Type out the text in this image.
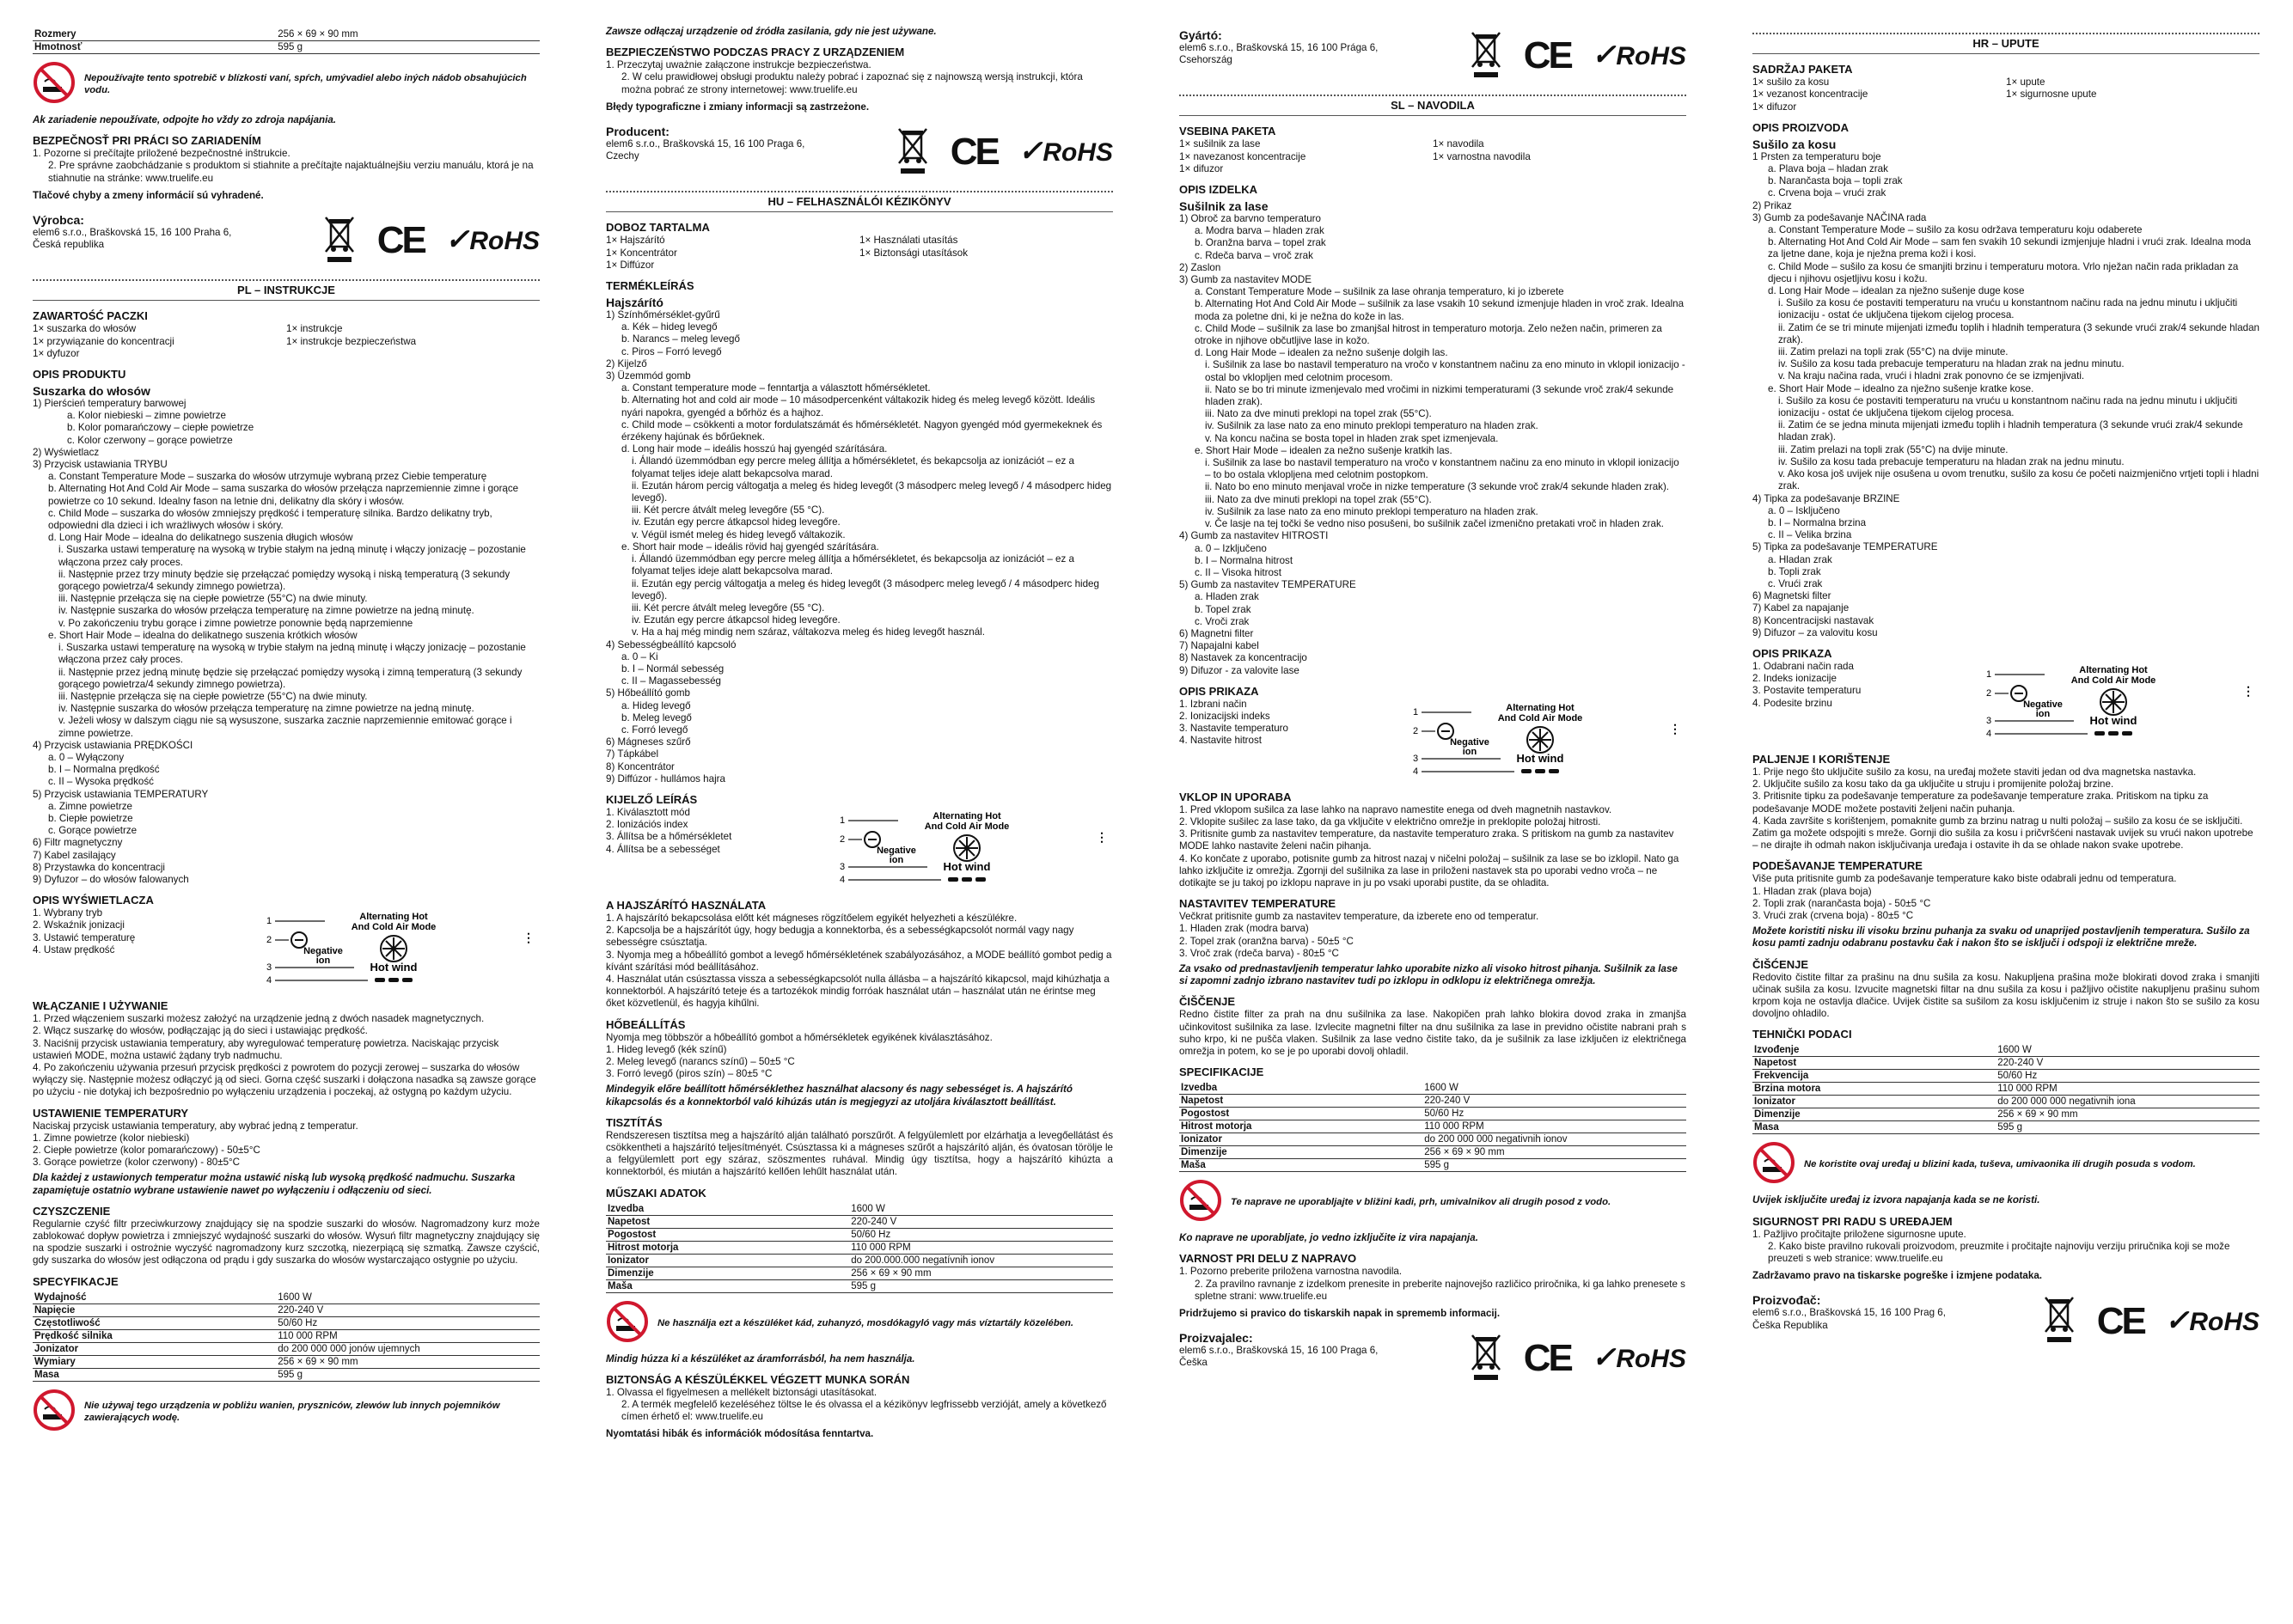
Rozmery	256 × 69 × 90 mm
Hmotnosť	595 g
Nepoužívajte tento spotrebič v blízkosti vaní, spŕch, umývadiel alebo iných nádob obsahujúcich vodu.
Ak zariadenie nepoužívate, odpojte ho vždy zo zdroja napájania.
BEZPEČNOSŤ PRI PRÁCI SO ZARIADENÍM
1. Pozorne si prečítajte priložené bezpečnostné inštrukcie.
2. Pre správne zaobchádzanie s produktom si stiahnite a prečítajte najaktuálnejšiu verziu manuálu, ktorá je na stiahnutie na stránke: www.truelife.eu
Tlačové chyby a zmeny informácií sú vyhradené.
Výrobca:
elem6 s.r.o., Braškovská 15, 16 100 Praha 6,
Česká republika	CE ✓RoHS
PL – INSTRUKCJE
ZAWARTOŚĆ PACZKI
1× suszarka do włosów	1× instrukcje
1× przywiązanie do koncentracji	1× instrukcje bezpieczeństwa
1× dyfuzor
OPIS PRODUKTU
Suszarka do włosów
1) Pierścień temperatury barwowej
a. Kolor niebieski – zimne powietrze
b. Kolor pomarańczowy – ciepłe powietrze
c. Kolor czerwony – gorące powietrze
2) Wyświetlacz
3) Przycisk ustawiania TRYBU
a. Constant Temperature Mode – suszarka do włosów utrzymuje wybraną przez Ciebie temperaturę
b. Alternating Hot And Cold Air Mode – sama suszarka do włosów przełącza naprzemiennie zimne i gorące powietrze co 10 sekund. Idealny fason na letnie dni, delikatny dla skóry i włosów.
c. Child Mode – suszarka do włosów zmniejszy prędkość i temperaturę silnika. Bardzo delikatny tryb, odpowiedni dla dzieci i ich wrażliwych włosów i skóry.
d. Long Hair Mode – idealna do delikatnego suszenia długich włosów
i. Suszarka ustawi temperaturę na wysoką w trybie stałym na jedną minutę i włączy jonizację – pozostanie włączona przez cały proces.
ii. Następnie przez trzy minuty będzie się przełączać pomiędzy wysoką i niską temperaturą (3 sekundy gorącego powietrza/4 sekundy zimnego powietrza).
iii. Następnie przełącza się na ciepłe powietrze (55°C) na dwie minuty.
iv. Następnie suszarka do włosów przełącza temperaturę na zimne powietrze na jedną minutę.
v. Po zakończeniu trybu gorące i zimne powietrze ponownie będą naprzemienne
e. Short Hair Mode – idealna do delikatnego suszenia krótkich włosów
i. Suszarka ustawi temperaturę na wysoką w trybie stałym na jedną minutę i włączy jonizację – pozostanie włączona przez cały proces.
ii. Następnie przez jedną minutę będzie się przełączać pomiędzy wysoką i zimną temperaturą (3 sekundy gorącego powietrza/4 sekundy zimnego powietrza).
iii. Następnie przełącza się na ciepłe powietrze (55°C) na dwie minuty.
iv. Następnie suszarka do włosów przełącza temperaturę na zimne powietrze na jedną minutę.
v. Jeżeli włosy w dalszym ciągu nie są wysuszone, suszarka zacznie naprzemiennie emitować gorące i zimne powietrze.
4) Przycisk ustawiania PRĘDKOŚCI
a. 0 – Wyłączony
b. I – Normalna prędkość
c. II – Wysoka prędkość
5) Przycisk ustawiania TEMPERATURY
a. Zimne powietrze
b. Ciepłe powietrze
c. Gorące powietrze
6) Filtr magnetyczny
7) Kabel zasilający
8) Przystawka do koncentracji
9) Dyfuzor – do włosów falowanych
OPIS WYŚWIETLACZA
1. Wybrany tryb
2. Wskaźnik jonizacji
3. Ustawić temperaturę
4. Ustaw prędkość
1	Alternating Hot
And Cold Air Mode
2
Negative
ion
⋮
3	Hot wind
4
WŁĄCZANIE I UŻYWANIE
1. Przed włączeniem suszarki możesz założyć na urządzenie jedną z dwóch nasadek magnetycznych.
2. Włącz suszarkę do włosów, podłączając ją do sieci i ustawiając prędkość.
3. Naciśnij przycisk ustawiania temperatury, aby wyregulować temperaturę powietrza. Naciskając przycisk ustawień MODE, można ustawić żądany tryb nadmuchu.
4. Po zakończeniu używania przesuń przycisk prędkości z powrotem do pozycji zerowej – suszarka do włosów wyłączy się. Następnie możesz odłączyć ją od sieci. Gorna część suszarki i dołączona nasadka są zawsze gorące po użyciu - nie dotykaj ich bezpośrednio po wyłączeniu urządzenia i poczekaj, aż ostygną po każdym użyciu.
USTAWIENIE TEMPERATURY
Naciskaj przycisk ustawiania temperatury, aby wybrać jedną z temperatur.
1. Zimne powietrze (kolor niebieski)
2. Ciepłe powietrze (kolor pomarańczowy) - 50±5°C
3. Gorące powietrze (kolor czerwony) - 80±5°C
Dla każdej z ustawionych temperatur można ustawić niską lub wysoką prędkość nadmuchu. Suszarka zapamiętuje ostatnio wybrane ustawienie nawet po wyłączeniu i odłączeniu od sieci.
CZYSZCZENIE
Regularnie czyść filtr przeciwkurzowy znajdujący się na spodzie suszarki do włosów. Nagromadzony kurz może zablokować dopływ powietrza i zmniejszyć wydajność suszarki do włosów. Wysuń filtr magnetyczny znajdujący się na spodzie suszarki i ostrożnie wyczyść nagromadzony kurz szczotką, niezerpiącą się szmatką. Zawsze czyścić, gdy suszarka do włosów jest odłączona od prądu i gdy suszarka do włosów wystarczająco ostygnie po użyciu.
SPECYFIKACJE
Wydajność	1600 W
Napięcie	220-240 V
Częstotliwość	50/60 Hz
Prędkość silnika	110 000 RPM
Jonizator	do 200 000 000 jonów ujemnych
Wymiary	256 × 69 × 90 mm
Masa	595 g
Nie używaj tego urządzenia w pobliżu wanien, pryszniców, zlewów lub innych pojemników zawierających wodę.
Zawsze odłączaj urządzenie od źródła zasilania, gdy nie jest używane.
BEZPIECZEŃSTWO PODCZAS PRACY Z URZĄDZENIEM
1. Przeczytaj uważnie załączone instrukcje bezpieczeństwa.
2. W celu prawidłowej obsługi produktu należy pobrać i zapoznać się z najnowszą wersją instrukcji, która można pobrać ze strony internetowej: www.truelife.eu
Błędy typograficzne i zmiany informacji są zastrzeżone.
Producent:
elem6 s.r.o., Braškovská 15, 16 100 Praga 6,
Czechy	CE ✓RoHS
HU – FELHASZNÁLÓI KÉZIKÖNYV
DOBOZ TARTALMA
1× Hajszárító	1× Használati utasítás
1× Koncentrátor	1× Biztonsági utasítások
1× Diffúzor
TERMÉKLEÍRÁS
Hajszárító
1) Színhőmérséklet-gyűrű
a. Kék – hideg levegő
b. Narancs – meleg levegő
c. Piros – Forró levegő
2) Kijelző
3) Üzemmód gomb
a. Constant temperature mode – fenntartja a választott hőmérsékletet.
b. Alternating hot and cold air mode – 10 másodpercenként váltakozik hideg és meleg levegő között. Ideális nyári napokra, gyengéd a bőrhöz és a hajhoz.
c. Child mode – csökkenti a motor fordulatszámát és hőmérsékletét. Nagyon gyengéd mód gyermekeknek és érzékeny hajúnak és bőrűeknek.
d. Long hair mode – ideális hosszú haj gyengéd szárítására.
i. Állandó üzemmódban egy percre meleg állítja a hőmérsékletet, és bekapcsolja az ionizációt – ez a folyamat teljes ideje alatt bekapcsolva marad.
ii. Ezután három percig váltogatja a meleg és hideg levegőt (3 másodperc meleg levegő / 4 másodperc hideg levegő).
iii. Két percre átvált meleg levegőre (55 °C).
iv. Ezután egy percre átkapcsol hideg levegőre.
v. Végül ismét meleg és hideg levegő váltakozik.
e. Short hair mode – ideális rövid haj gyengéd szárítására.
i. Állandó üzemmódban egy percre meleg állítja a hőmérsékletet, és bekapcsolja az ionizációt – ez a folyamat teljes ideje alatt bekapcsolva marad.
ii. Ezután egy percig váltogatja a meleg és hideg levegőt (3 másodperc meleg levegő / 4 másodperc hideg levegő).
iii. Két percre átvált meleg levegőre (55 °C).
iv. Ezután egy percre átkapcsol hideg levegőre.
v. Ha a haj még mindig nem száraz, váltakozva meleg és hideg levegőt használ.
4) Sebességbeállító kapcsoló
a. 0 – Ki
b. I – Normál sebesség
c. II – Magassebesség
5) Hőbeállító gomb
a. Hideg levegő
b. Meleg levegő
c. Forró levegő
6) Mágneses szűrő
7) Tápkábel
8) Koncentrátor
9) Diffúzor - hullámos hajra
KIJELZŐ LEÍRÁS
1. Kiválasztott mód
2. Ionizációs index
3. Állítsa be a hőmérsékletet
4. Állítsa be a sebességet
1	Alternating Hot
And Cold Air Mode
2
Negative
ion
⋮
3	Hot wind
4
A HAJSZÁRÍTÓ HASZNÁLATA
1. A hajszárító bekapcsolása előtt két mágneses rögzítőelem egyikét helyezheti a készülékre.
2. Kapcsolja be a hajszárítót úgy, hogy bedugja a konnektorba, és a sebességkapcsolót normál vagy nagy sebességre csúsztatja.
3. Nyomja meg a hőbeállító gombot a levegő hőmérsékletének szabályozásához, a MODE beállító gombot pedig a kívánt szárítási mód beállításához.
4. Használat után csúsztassa vissza a sebességkapcsolót nulla állásba – a hajszárító kikapcsol, majd kihúzhatja a konnektorból. A hajszárító teteje és a tartozékok mindig forróak használat után – használat után ne érintse meg őket közvetlenül, és hagyja kihűlni.
HŐBEÁLLÍTÁS
Nyomja meg többször a hőbeállító gombot a hőmérsékletek egyikének kiválasztásához.
1. Hideg levegő (kék színű)
2. Meleg levegő (narancs színű) – 50±5 °C
3. Forró levegő (piros szín) – 80±5 °C
Mindegyik előre beállított hőmérséklethez használhat alacsony és nagy sebességet is. A hajszárító kikapcsolás és a konnektorból való kihúzás után is megjegyzi az utoljára kiválasztott beállítást.
TISZTÍTÁS
Rendszeresen tisztítsa meg a hajszárító alján található porszűrőt. A felgyülemlett por elzárhatja a levegőellátást és csökkentheti a hajszárító teljesítményét. Csúsztassa ki a mágneses szűrőt a hajszárító alján, és óvatosan törölje le a felgyülemlett port egy száraz, szöszmentes ruhával. Mindig úgy tisztítsa, hogy a hajszárító kihúzta a konnektorból, és miután a hajszárító kellően lehűlt használat után.
MŰSZAKI ADATOK
Izvedba	1600 W
Napetost	220-240 V
Pogostost	50/60 Hz
Hitrost motorja	110 000 RPM
Ionizator	do 200.000.000 negatívnih ionov
Dimenzije	256 × 69 × 90 mm
Maša	595 g
Ne használja ezt a készüléket kád, zuhanyzó, mosdókagyló vagy más víztartály közelében.
Mindig húzza ki a készüléket az áramforrásból, ha nem használja.
BIZTONSÁG A KÉSZÜLÉKKEL VÉGZETT MUNKA SORÁN
1. Olvassa el figyelmesen a mellékelt biztonsági utasításokat.
2. A termék megfelelő kezeléséhez töltse le és olvassa el a kézikönyv legfrissebb verzióját, amely a következő címen érhető el: www.truelife.eu
Nyomtatási hibák és információk módosítása fenntartva.
Gyártó:
elem6 s.r.o., Braškovská 15, 16 100 Prága 6,
Csehország	CE ✓RoHS
SL – NAVODILA
VSEBINA PAKETA
1× sušilnik za lase	1× navodila
1× navezanost koncentracije	1× varnostna navodila
1× difuzor
OPIS IZDELKA
Sušilnik za lase
1) Obroč za barvno temperaturo
a. Modra barva – hladen zrak
b. Oranžna barva – topel zrak
c. Rdeča barva – vroč zrak
2) Zaslon
3) Gumb za nastavitev MODE
a. Constant Temperature Mode – sušilnik za lase ohranja temperaturo, ki jo izberete
b. Alternating Hot And Cold Air Mode – sušilnik za lase vsakih 10 sekund izmenjuje hladen in vroč zrak. Idealna moda za poletne dni, ki je nežna do kože in las.
c. Child Mode – sušilnik za lase bo zmanjšal hitrost in temperaturo motorja. Zelo nežen način, primeren za otroke in njihove občutljive lase in kožo.
d. Long Hair Mode – idealen za nežno sušenje dolgih las.
i. Sušilnik za lase bo nastavil temperaturo na vročo v konstantnem načinu za eno minuto in vklopil ionizacijo - ostal bo vklopljen med celotnim procesom.
ii. Nato se bo tri minute izmenjevalo med vročimi in nizkimi temperaturami (3 sekunde vroč zrak/4 sekunde hladen zrak).
iii. Nato za dve minuti preklopi na topel zrak (55°C).
iv. Sušilnik za lase nato za eno minuto preklopi temperaturo na hladen zrak.
v. Na koncu načina se bosta topel in hladen zrak spet izmenjevala.
e. Short Hair Mode – idealen za nežno sušenje kratkih las.
i. Sušilnik za lase bo nastavil temperaturo na vročo v konstantnem načinu za eno minuto in vklopil ionizacijo – to bo ostala vklopljena med celotnim postopkom.
ii. Nato bo eno minuto menjaval vroče in nizke temperature (3 sekunde vroč zrak/4 sekunde hladen zrak).
iii. Nato za dve minuti preklopi na topel zrak (55°C).
iv. Sušilnik za lase nato za eno minuto preklopi temperaturo na hladen zrak.
v. Če lasje na tej točki še vedno niso posušeni, bo sušilnik začel izmenično pretakati vroč in hladen zrak.
4) Gumb za nastavitev HITROSTI
a. 0 – Izključeno
b. I – Normalna hitrost
c. II – Visoka hitrost
5) Gumb za nastavitev TEMPERATURE
a. Hladen zrak
b. Topel zrak
c. Vroči zrak
6) Magnetni filter
7) Napajalni kabel
8) Nastavek za koncentracijo
9) Difuzor - za valovite lase
OPIS PRIKAZA
1. Izbrani način
2. Ionizacijski indeks
3. Nastavite temperaturo
4. Nastavite hitrost
1	Alternating Hot
And Cold Air Mode
2
Negative
ion
⋮
3	Hot wind
4
VKLOP IN UPORABA
1. Pred vklopom sušilca za lase lahko na napravo namestite enega od dveh magnetnih nastavkov.
2. Vklopite sušilec za lase tako, da ga vključite v električno omrežje in preklopite položaj hitrosti.
3. Pritisnite gumb za nastavitev temperature, da nastavite temperaturo zraka. S pritiskom na gumb za nastavitev MODE lahko nastavite želeni način pihanja.
4. Ko končate z uporabo, potisnite gumb za hitrost nazaj v ničelni položaj – sušilnik za lase se bo izklopil. Nato ga lahko izključite iz omrežja. Zgornji del sušilnika za lase in priloženi nastavek sta po uporabi vedno vroča – ne dotikajte se ju takoj po izklopu naprave in ju po vsaki uporabi pustite, da se ohladita.
NASTAVITEV TEMPERATURE
Večkrat pritisnite gumb za nastavitev temperature, da izberete eno od temperatur.
1. Hladen zrak (modra barva)
2. Topel zrak (oranžna barva) - 50±5 °C
3. Vroč zrak (rdeča barva) - 80±5 °C
Za vsako od prednastavljenih temperatur lahko uporabite nizko ali visoko hitrost pihanja. Sušilnik za lase si zapomni zadnjo izbrano nastavitev tudi po izklopu in odklopu iz električnega omrežja.
ČIŠČENJE
Redno čistite filter za prah na dnu sušilnika za lase. Nakopičen prah lahko blokira dovod zraka in zmanjša učinkovitost sušilnika za lase. Izvlecite magnetni filter na dnu sušilnika za lase in previdno očistite nabrani prah s suho krpo, ki ne pušča vlaken. Sušilnik za lase vedno čistite tako, da je sušilnik za lase izključen iz električnega omrežja in potem, ko se je po uporabi dovolj ohladil.
SPECIFIKACIJE
Izvedba	1600 W
Napetost	220-240 V
Pogostost	50/60 Hz
Hitrost motorja	110 000 RPM
Ionizator	do 200 000 000 negativnih ionov
Dimenzije	256 × 69 × 90 mm
Maša	595 g
Te naprave ne uporabljajte v bližini kadi, prh, umivalnikov ali drugih posod z vodo.
Ko naprave ne uporabljate, jo vedno izključite iz vira napajanja.
VARNOST PRI DELU Z NAPRAVO
1. Pozorno preberite priložena varnostna navodila.
2. Za pravilno ravnanje z izdelkom prenesite in preberite najnovejšo različico priročnika, ki ga lahko prenesete s spletne strani: www.truelife.eu
Pridržujemo si pravico do tiskarskih napak in sprememb informacij.
Proizvajalec:
elem6 s.r.o., Braškovská 15, 16 100 Praga 6,
Češka	CE ✓RoHS
HR – UPUTE
SADRŽAJ PAKETA
1× sušilo za kosu	1× upute
1× vezanost koncentracije	1× sigurnosne upute
1× difuzor
OPIS PROIZVODA
Sušilo za kosu
1 Prsten za temperaturu boje
a. Plava boja – hladan zrak
b. Narančasta boja – topli zrak
c. Crvena boja – vrući zrak
2) Prikaz
3) Gumb za podešavanje NAČINA rada
a. Constant Temperature Mode – sušilo za kosu održava temperaturu koju odaberete
b. Alternating Hot And Cold Air Mode – sam fen svakih 10 sekundi izmjenjuje hladni i vrući zrak. Idealna moda za ljetne dane, koja je nježna prema koži i kosi.
c. Child Mode – sušilo za kosu će smanjiti brzinu i temperaturu motora. Vrlo nježan način rada prikladan za djecu i njihovu osjetljivu kosu i kožu.
d. Long Hair Mode – idealan za nježno sušenje duge kose
i. Sušilo za kosu će postaviti temperaturu na vruću u konstantnom načinu rada na jednu minutu i uključiti ionizaciju - ostat će uključena tijekom cijelog procesa.
ii. Zatim će se tri minute mijenjati između toplih i hladnih temperatura (3 sekunde vrući zrak/4 sekunde hladan zrak).
iii. Zatim prelazi na topli zrak (55°C) na dvije minute.
iv. Sušilo za kosu tada prebacuje temperaturu na hladan zrak na jednu minutu.
v. Na kraju načina rada, vrući i hladni zrak ponovno će se izmjenjivati.
e. Short Hair Mode – idealno za nježno sušenje kratke kose.
i. Sušilo za kosu će postaviti temperaturu na vruću u konstantnom načinu rada na jednu minutu i uključiti ionizaciju - ostat će uključena tijekom cijelog procesa.
ii. Zatim će se jedna minuta mijenjati između toplih i hladnih temperatura (3 sekunde vrući zrak/4 sekunde hladan zrak).
iii. Zatim prelazi na topli zrak (55°C) na dvije minute.
iv. Sušilo za kosu tada prebacuje temperaturu na hladan zrak na jednu minutu.
v. Ako kosa još uvijek nije osušena u ovom trenutku, sušilo za kosu će početi naizmjenično vrtjeti topli i hladni zrak.
4) Tipka za podešavanje BRZINE
a. 0 – Isključeno
b. I – Normalna brzina
c. II – Velika brzina
5) Tipka za podešavanje TEMPERATURE
a. Hladan zrak
b. Topli zrak
c. Vrući zrak
6) Magnetski filter
7) Kabel za napajanje
8) Koncentracijski nastavak
9) Difuzor – za valovitu kosu
OPIS PRIKAZA
1. Odabrani način rada
2. Indeks ionizacije
3. Postavite temperaturu
4. Podesite brzinu
1	Alternating Hot
And Cold Air Mode
2
Negative
ion
⋮
3	Hot wind
4
PALJENJE I KORIŠTENJE
1. Prije nego što uključite sušilo za kosu, na uređaj možete staviti jedan od dva magnetska nastavka.
2. Uključite sušilo za kosu tako da ga uključite u struju i promijenite položaj brzine.
3. Pritisnite tipku za podešavanje temperature za podešavanje temperature zraka. Pritiskom na tipku za podešavanje MODE možete postaviti željeni način puhanja.
4. Kada završite s korištenjem, pomaknite gumb za brzinu natrag u nulti položaj – sušilo za kosu će se isključiti. Zatim ga možete odspojiti s mreže. Gornji dio sušila za kosu i pričvršćeni nastavak uvijek su vrući nakon upotrebe – ne dirajte ih odmah nakon isključivanja uređaja i ostavite ih da se ohlade nakon svake upotrebe.
PODEŠAVANJE TEMPERATURE
Više puta pritisnite gumb za podešavanje temperature kako biste odabrali jednu od temperatura.
1. Hladan zrak (plava boja)
2. Topli zrak (narančasta boja) - 50±5 °C
3. Vrući zrak (crvena boja) - 80±5 °C
Možete koristiti nisku ili visoku brzinu puhanja za svaku od unaprijed postavljenih temperatura. Sušilo za kosu pamti zadnju odabranu postavku čak i nakon što se isključi i odspoji iz električne mreže.
ČIŠĆENJE
Redovito čistite filtar za prašinu na dnu sušila za kosu. Nakupljena prašina može blokirati dovod zraka i smanjiti učinak sušila za kosu. Izvucite magnetski filtar na dnu sušila za kosu i pažljivo očistite nakupljenu prašinu suhom krpom koja ne ostavlja dlačice. Uvijek čistite sa sušilom za kosu isključenim iz struje i nakon što se sušilo za kosu dovoljno ohladilo.
TEHNIČKI PODACI
Izvođenje	1600 W
Napetost	220-240 V
Frekvencija	50/60 Hz
Brzina motora	110 000 RPM
Ionizator	do 200 000 000 negativnih iona
Dimenzije	256 × 69 × 90 mm
Masa	595 g
Ne koristite ovaj uređaj u blizini kada, tuševa, umivaonika ili drugih posuda s vodom.
Uvijek isključite uređaj iz izvora napajanja kada se ne koristi.
SIGURNOST PRI RADU S UREĐAJEM
1. Pažljivo pročitajte priložene sigurnosne upute.
2. Kako biste pravilno rukovali proizvodom, preuzmite i pročitajte najnoviju verziju priručnika koji se može preuzeti s web stranice: www.truelife.eu
Zadržavamo pravo na tiskarske pogreške i izmjene podataka.
Proizvođač:
elem6 s.r.o., Braškovská 15, 16 100 Prag 6,
Češka Republika	CE ✓RoHS
